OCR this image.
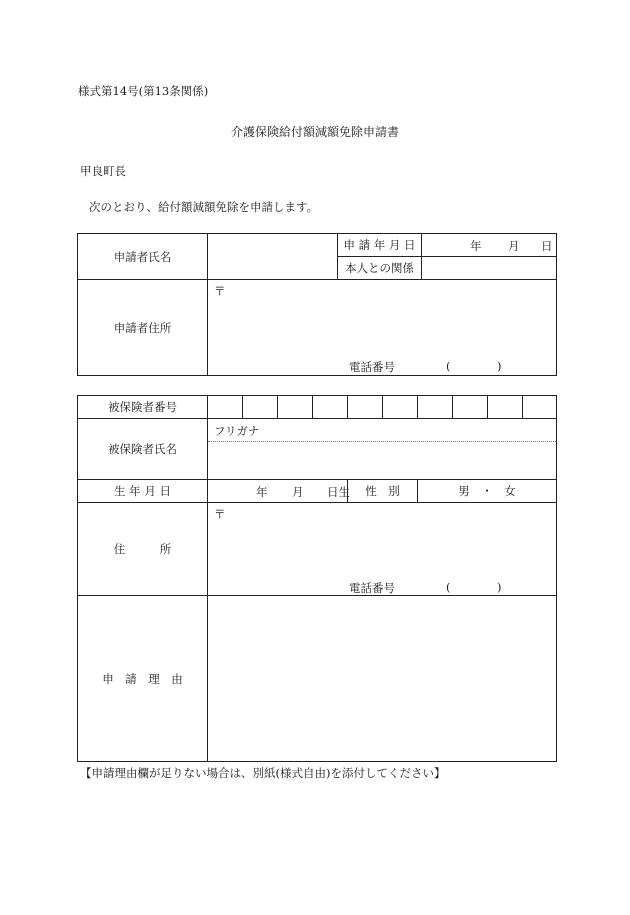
様式第14号(第13条関係)
介護保険給付額減額免除申請書
甲良町長
次のとおり、給付額減額免除を申請します。
申請者氏名		申 請 年 月 日	年 月 日

		本人との関係	
申請者住所	〒
電話番号 ( )		
被保険者番号										
被保険者氏名	フリガナ									

生 年 月 日	年 月 日生				性　別		男　・　女			
住　　　所	〒
電話番号 ( )									

申　請　理　由										
【申請理由欄が足りない場合は、別紙(様式自由)を添付してください】
